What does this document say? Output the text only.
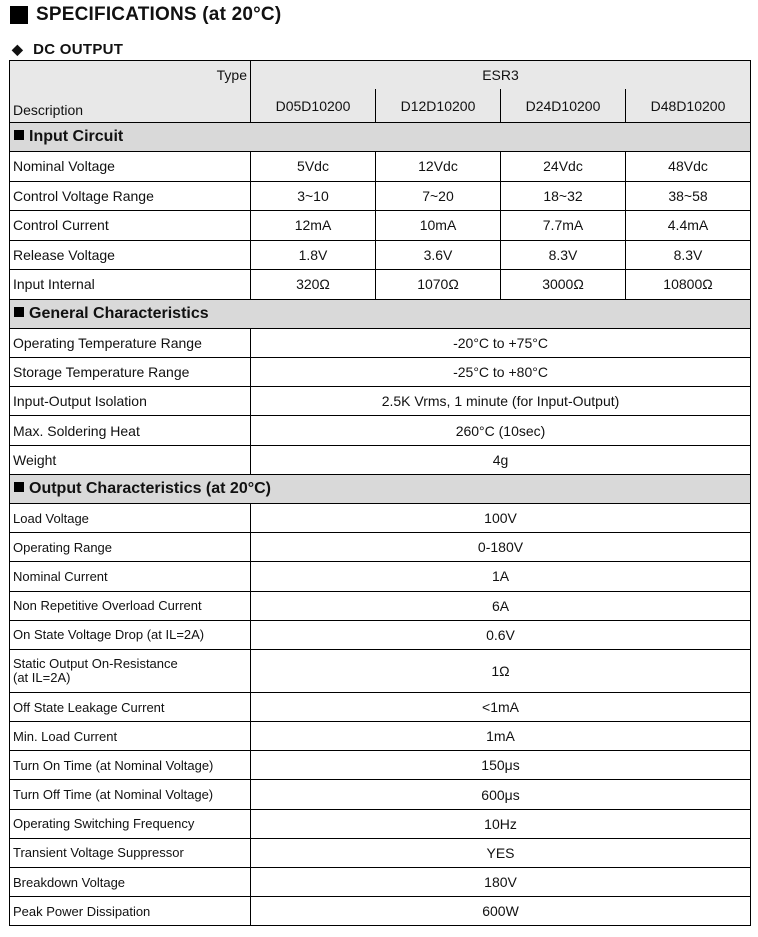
SPECIFICATIONS (at 20°C)
◆ DC OUTPUT
Type	ESR3			
Description	D05D10200	D12D10200	D24D10200	D48D10200
Input Circuit				
Nominal Voltage	5Vdc	12Vdc	24Vdc	48Vdc
Control Voltage Range	3~10	7~20	18~32	38~58
Control Current	12mA	10mA	7.7mA	4.4mA
Release Voltage	1.8V	3.6V	8.3V	8.3V
Input Internal	320Ω	1070Ω	3000Ω	10800Ω
General Characteristics				
Operating Temperature Range	-20°C to +75°C			
Storage Temperature Range	-25°C to +80°C			
Input-Output Isolation	2.5K Vrms, 1 minute (for Input-Output)			
Max. Soldering Heat	260°C (10sec)			
Weight	4g			
Output Characteristics (at 20°C)				
Load Voltage	100V			
Operating Range	0-180V			
Nominal Current	1A			
Non Repetitive Overload Current	6A			
On State Voltage Drop (at IL=2A)	0.6V			
Static Output On-Resistance
(at IL=2A)	1Ω			
Off State Leakage Current	<1mA			
Min. Load Current	1mA			
Turn On Time (at Nominal Voltage)	150μs			
Turn Off Time (at Nominal Voltage)	600μs			
Operating Switching Frequency	10Hz			
Transient Voltage Suppressor	YES			
Breakdown Voltage	180V			
Peak Power Dissipation	600W			
